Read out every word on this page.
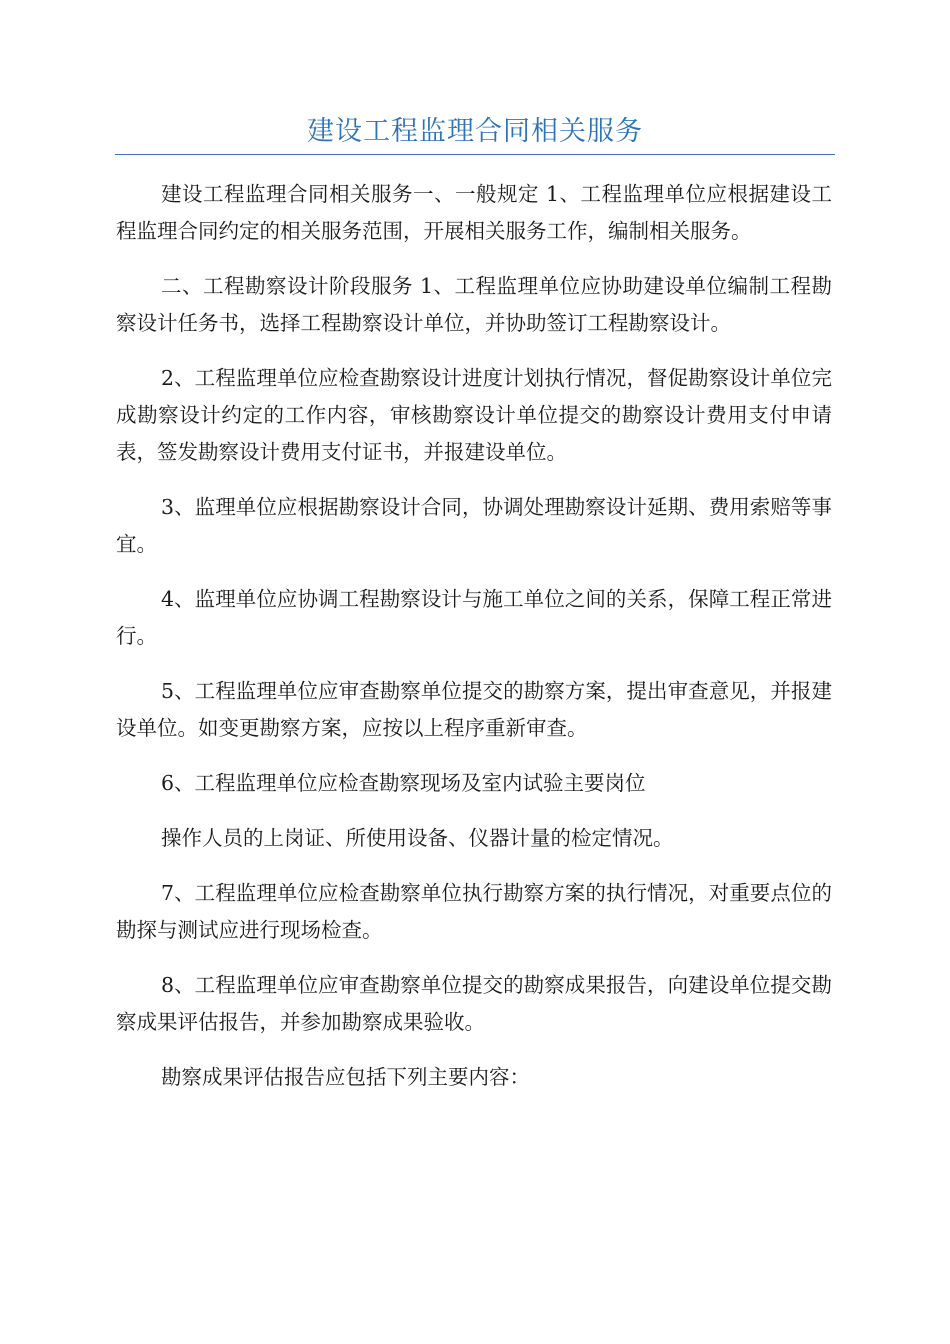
建设工程监理合同相关服务

建设工程监理合同相关服务一、一般规定 1、工程监理单位应根据建设工程监理合同约定的相关服务范围，开展相关服务工作，编制相关服务。

二、工程勘察设计阶段服务 1、工程监理单位应协助建设单位编制工程勘察设计任务书，选择工程勘察设计单位，并协助签订工程勘察设计。

2、工程监理单位应检查勘察设计进度计划执行情况，督促勘察设计单位完成勘察设计约定的工作内容，审核勘察设计单位提交的勘察设计费用支付申请表，签发勘察设计费用支付证书，并报建设单位。

3、监理单位应根据勘察设计合同，协调处理勘察设计延期、费用索赔等事宜。

4、监理单位应协调工程勘察设计与施工单位之间的关系，保障工程正常进行。

5、工程监理单位应审查勘察单位提交的勘察方案，提出审查意见，并报建设单位。如变更勘察方案，应按以上程序重新审查。

6、工程监理单位应检查勘察现场及室内试验主要岗位

操作人员的上岗证、所使用设备、仪器计量的检定情况。

7、工程监理单位应检查勘察单位执行勘察方案的执行情况，对重要点位的勘探与测试应进行现场检查。

8、工程监理单位应审查勘察单位提交的勘察成果报告，向建设单位提交勘察成果评估报告，并参加勘察成果验收。

勘察成果评估报告应包括下列主要内容：
